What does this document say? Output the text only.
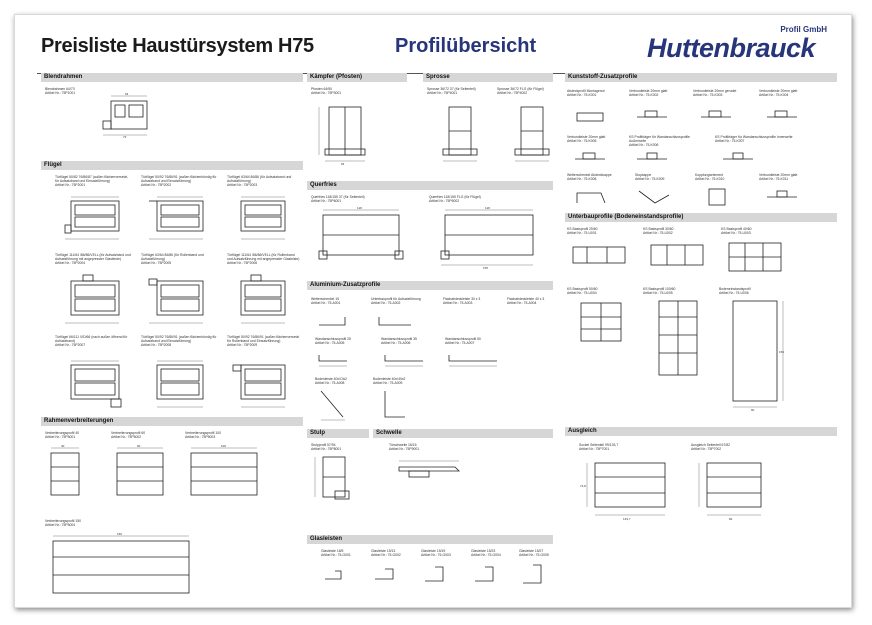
Preisliste Haustürsystem H75	Profilübersicht
Profil GmbH
Huttenbrauck
Blendrahmen
Blendrahmen 64/73
Artikel Nr.: 75P1001	64
73
Flügel
Türflügel 50/82 76/86/87 (außen flächenversetzt, für Aufsatzband und Einsatzführung)
Artikel Nr.: 75P2001
Türflügel 50/92 76/86/91 (außen flächenbündig für Aufsatzband und Einsatzführung)
Artikel Nr.: 75P2002
Türflügel 63/64 86/86 (für Aufsatzband und Aufsatzführung)
Artikel Nr.: 75P2003
Türflügel 111/64 /86/86/VELL (für Aufsatzband und Aufsatzführung mit angepresster Glasleiste)
Artikel Nr.: 75P2004
Türflügel 63/64 86/86 (für Rollenband und Aufsatzführung)
Artikel Nr.: 75P2005
Türflügel 111/64 /86/86/VELL (für Rollenband und Aufsatzführung mit angepresster Glasleiste)
Artikel Nr.: 75P2006
Türflügel 66/111 /XD/66 (nach außen öffnend für Aufsatzband)
Artikel Nr.: 75P2007
Türflügel 50/92 76/86/91 (außen flächenbündig für Aufsatzband und Einsatzführung)
Artikel Nr.: 75P2008
Türflügel 50/92 76/86/91 (außen flächenversetzt für Rollenband und Einsatzführung)
Artikel Nr.: 75P2009
Rahmenverbreiterungen
Verbreiterungsprofil 40
Artikel Nr.: 75P5001
Verbreiterungsprofil 60
Artikel Nr.: 75P5002
Verbreiterungsprofil 100
Artikel Nr.: 75P5003
40	60	100
Verbreiterungsprofil 150
Artikel Nr.: 75P5004
150
Kämpfer (Pfosten)	Sprosse
Pfosten 64/50
Artikel Nr.: 75P3001
Sprosse 36/72 37 (für Seitenteil)
Artikel Nr.: 75P4001
Sprosse 36/72 FLG (für Flügel)
Artikel Nr.: 75P4002
64
Querfries
Querfries 118/155 37 (für Seitenteil)
Artikel Nr.: 75P6001
Querfries 118/155 FLG (für Flügel)
Artikel Nr.: 75P6002
118	118
155
Aluminium-Zusatzprofile
Wetterschenkel 15
Artikel Nr.: 75-A001
Unterbauprofil für Aufsatzführung
Artikel Nr.: 75-A002
Flachabdeckleiste 30 x 3
Artikel Nr.: 75-A003
Flachabdeckleiste 40 x 3
Artikel Nr.: 75-A004
Wandanschlussprofil 25
Artikel Nr.: 75-A005
Wandanschlussprofil 35
Artikel Nr.: 75-A006
Wandanschlussprofil 50
Artikel Nr.: 75-A007
Bodenleiste 40x/OA2
Artikel Nr.: 75-A008
Bodenleiste 40x/40x2
Artikel Nr.: 75-A009
Stulp	Schwelle
Stulpprofil 57/94
Artikel Nr.: 75P8001
Türschwelle 16/15
Artikel Nr.: 75P9001
Glasleisten
Glasleiste 18/5
Artikel Nr.: 75-G001
Glasleiste 15/13
Artikel Nr.: 75-G002
Glasleiste 15/19
Artikel Nr.: 75-G003
Glasleiste 15/23
Artikel Nr.: 75-G004
Glasleiste 15/27
Artikel Nr.: 75-G005
Kunststoff-Zusatzprofile
Abdeckprofil Montagenut
Artikel Nr.: 75-K001
Verbundleiste 20mm glatt
Artikel Nr.: 75-K002
Verbundleiste 20mm gerudet
Artikel Nr.: 75-K003
Verbundleiste 20mm glatt
Artikel Nr.: 75-K004
Verbundleiste 20mm glatt
Artikel Nr.: 75-K005
KS Profilträger für Wandanschlussprofile Außenseite
Artikel Nr.: 75-K006
KS Profilträger für Wandanschlussprofile Innenseite
Artikel Nr.: 75-K007
Wetterschenkel Abdeckkappe
Artikel Nr.: 75-K008
Stopkappe
Artikel Nr.: 75-K009
Kopplungselement
Artikel Nr.: 75-K010
Verbundleiste 20mm glatt
Artikel Nr.: 75-K011
Unterbauprofile (Bodeneinstandsprofile)
KS Basisprofil 25/60
Artikel Nr.: 75-U001
KS Basisprofil 30/60
Artikel Nr.: 75-U002
KS Basisprofil 40/60
Artikel Nr.: 75-U003
KS Basisprofil 50/60
Artikel Nr.: 75-U004
KS Basisprofil 100/60
Artikel Nr.: 75-U005
Bodeneinstandsprofil
Artikel Nr.: 75-U006
150
60
Ausgleich
Sockel Seitenteil 99/133,7
Artikel Nr.: 75P7001
Ausgleich Seitenteil 67/82
Artikel Nr.: 75P7002
74,8
133,7	82
